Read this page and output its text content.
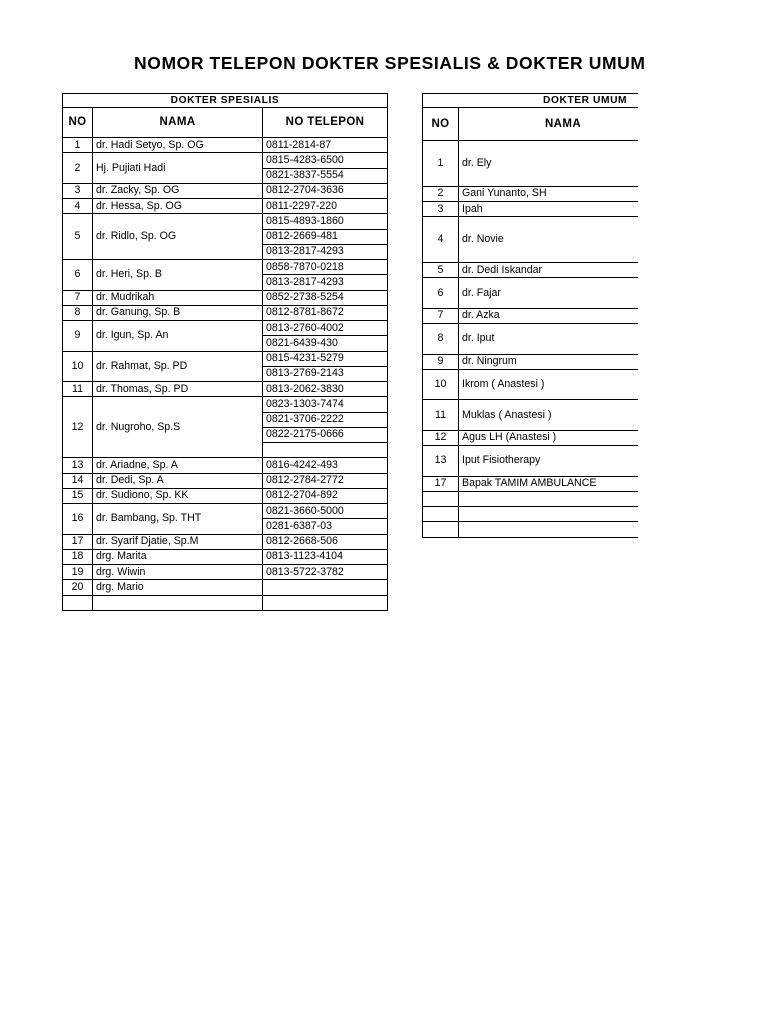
NOMOR TELEPON DOKTER SPESIALIS & DOKTER UMUM
DOKTER SPESIALIS		
NO	NAMA	NO TELEPON
1	dr. Hadi Setyo, Sp. OG	0811-2814-87
2	Hj. Pujiati Hadi	0815-4283-6500
		0821-3837-5554
3	dr. Zacky, Sp. OG	0812-2704-3636
4	dr. Hessa, Sp. OG	0811-2297-220
5	dr. Ridlo, Sp. OG	0815-4893-1860
		0812-2669-481
		0813-2817-4293
6	dr. Heri, Sp. B	0858-7870-0218
		0813-2817-4293
7	dr. Mudrikah	0852-2738-5254
8	dr. Ganung, Sp. B	0812-8781-8672
9	dr. Igun, Sp. An	0813-2760-4002
		0821-6439-430
10	dr. Rahmat, Sp. PD	0815-4231-5279
		0813-2769-2143
11	dr. Thomas, Sp. PD	0813-2062-3830
12	dr. Nugroho, Sp.S	0823-1303-7474
		0821-3706-2222
		0822-2175-0666

13	dr. Ariadne, Sp. A	0816-4242-493
14	dr. Dedi, Sp. A	0812-2784-2772
15	dr. Sudiono, Sp. KK	0812-2704-892
16	dr. Bambang, Sp. THT	0821-3660-5000
		0281-6387-03
17	dr. Syarif Djatie, Sp.M	0812-2668-506
18	drg. Marita	0813-1123-4104
19	drg. Wiwin	0813-5722-3782
20	drg. Mario	

DOKTER UMUM	
NO	NAMA
1	dr. Ely
2	Gani Yunanto, SH
3	Ipah
4	dr. Novie
5	dr. Dedi Iskandar
6	dr. Fajar
7	dr. Azka
8	dr. Iput
9	dr. Ningrum
10	Ikrom ( Anastesi )
11	Muklas ( Anastesi )
12	Agus LH (Anastesi )
13	Iput Fisiotherapy
17	Bapak TAMIM AMBULANCE
